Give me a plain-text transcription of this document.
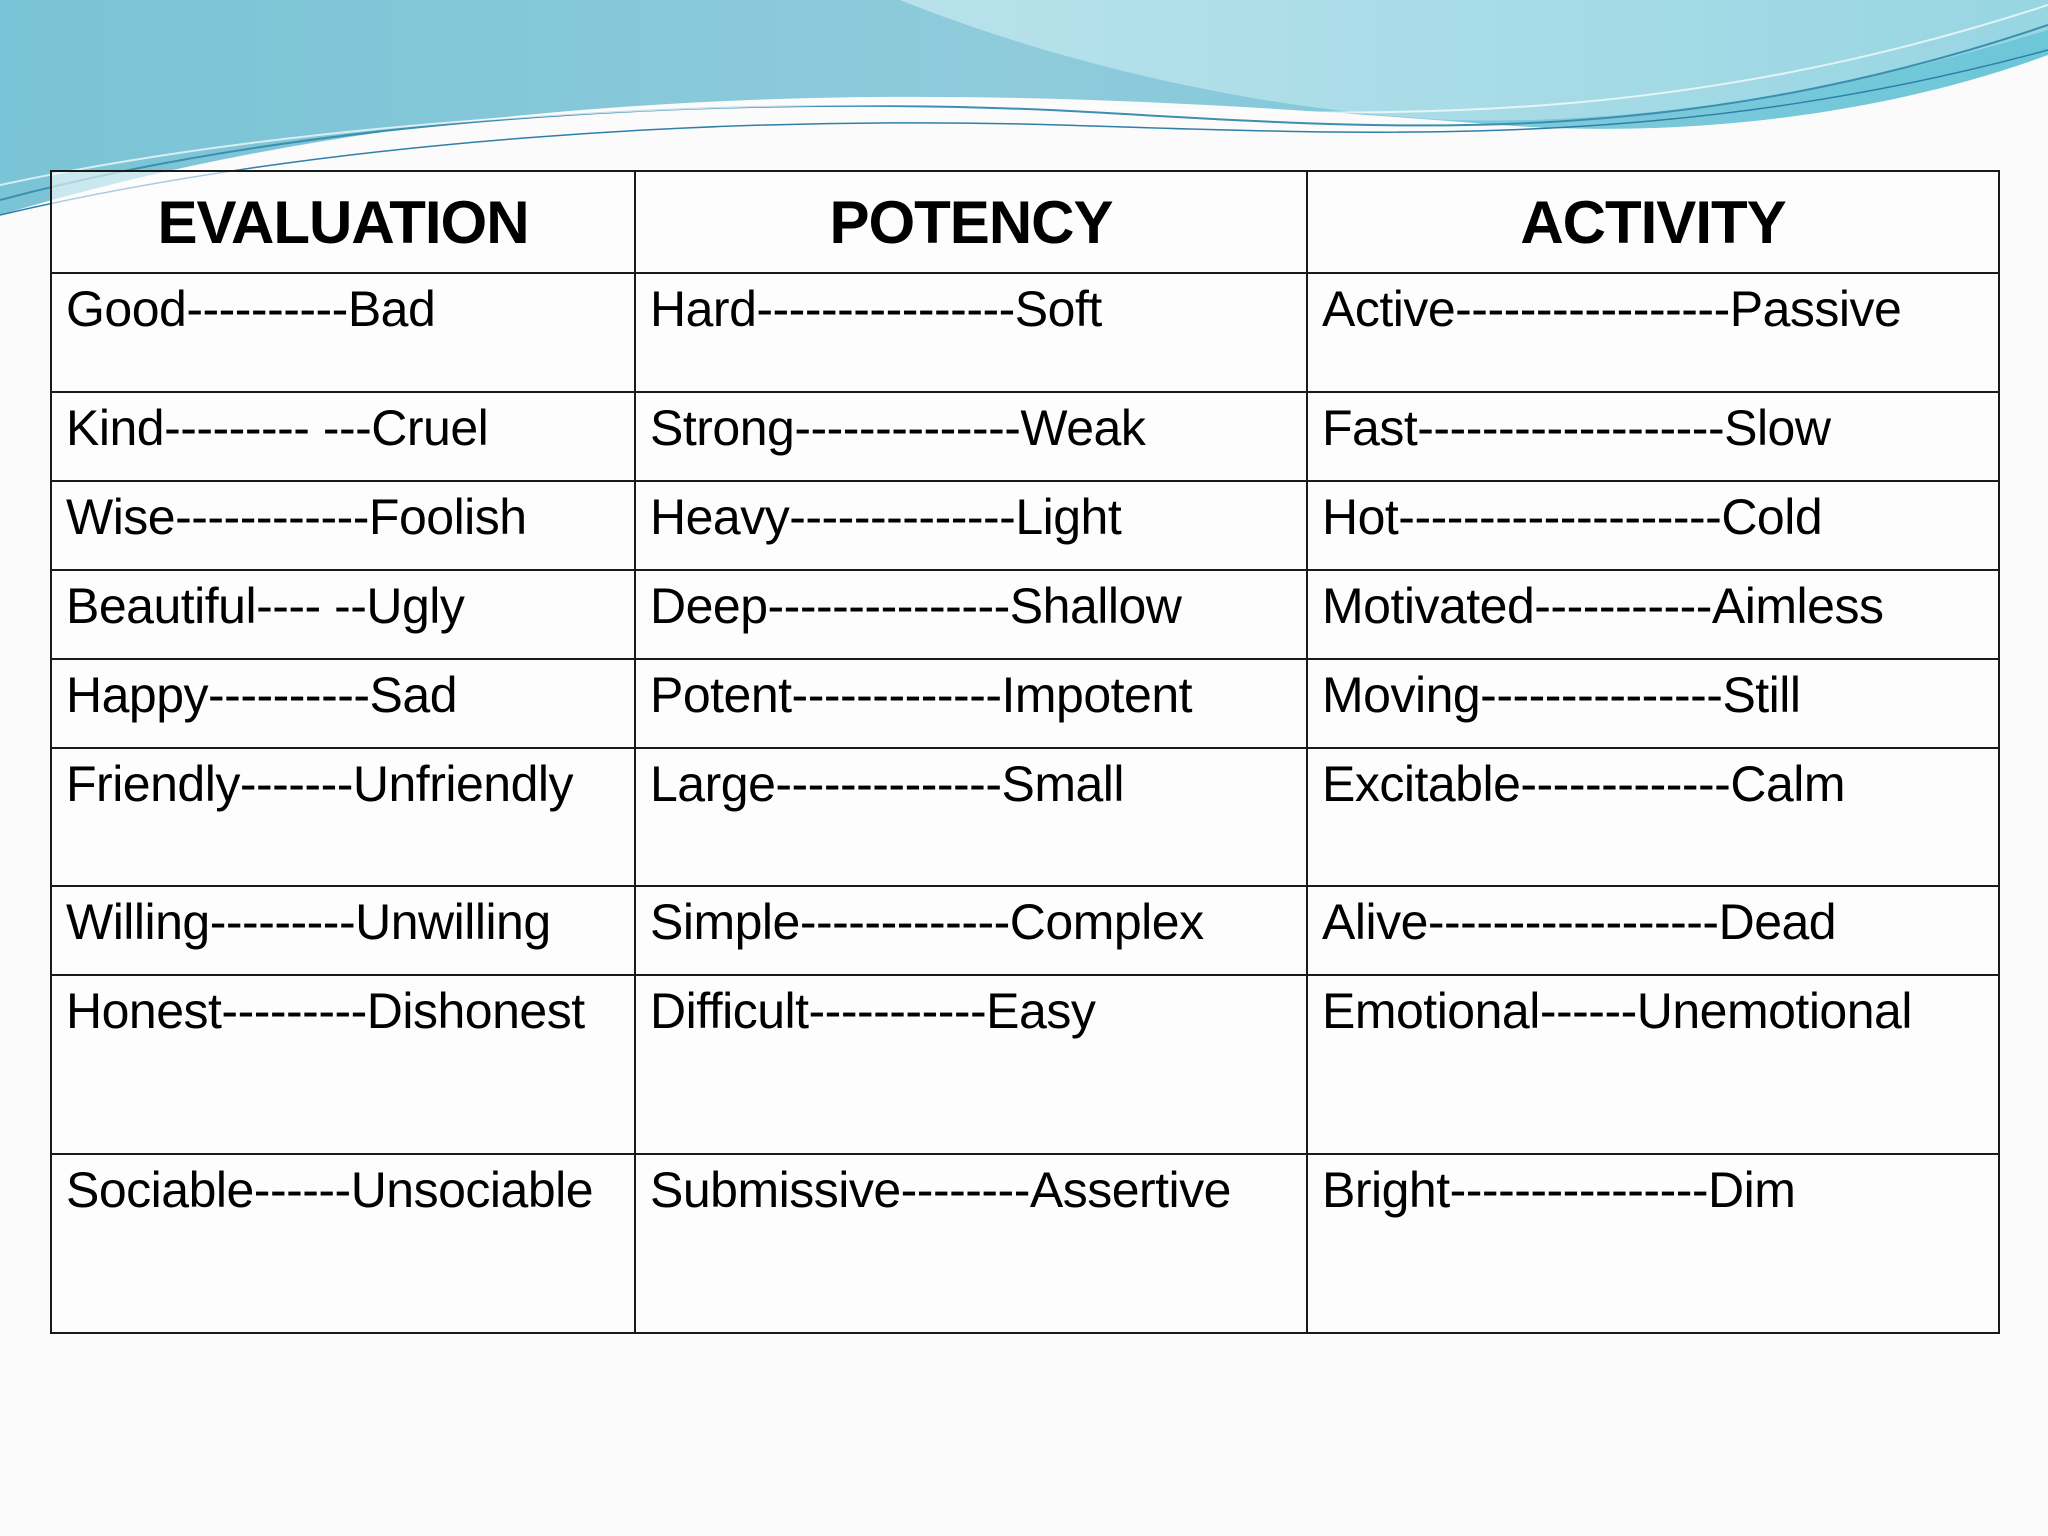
EVALUATION	POTENCY	ACTIVITY
Good----------Bad	Hard----------------Soft	Active-----------------Passive
Kind--------- ---Cruel	Strong--------------Weak	Fast-------------------Slow
Wise------------Foolish	Heavy--------------Light	Hot--------------------Cold
Beautiful---- --Ugly	Deep---------------Shallow	Motivated-----------Aimless
Happy----------Sad	Potent-------------Impotent	Moving---------------Still
Friendly-------Unfriendly	Large--------------Small	Excitable-------------Calm
Willing---------Unwilling	Simple-------------Complex	Alive------------------Dead
Honest---------Dishonest	Difficult-----------Easy	Emotional------Unemotional
Sociable------Unsociable	Submissive--------Assertive	Bright----------------Dim
